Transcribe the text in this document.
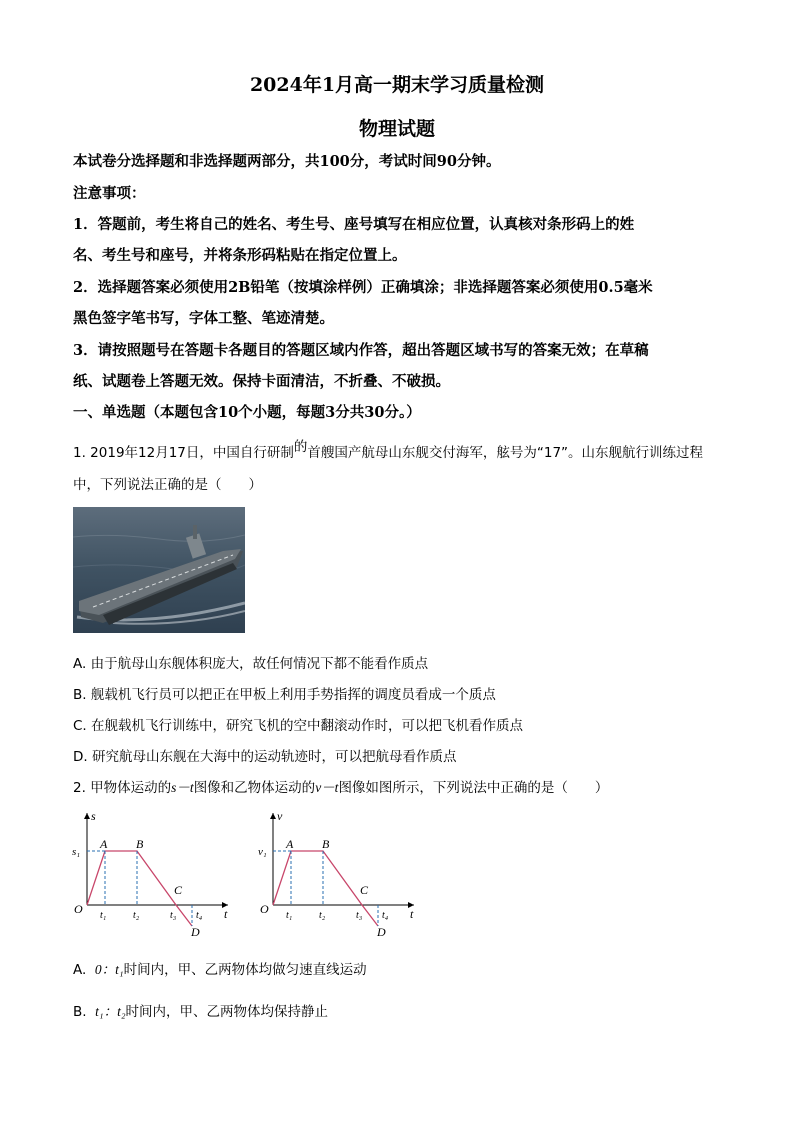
2024年1月高一期末学习质量检测
物理试题
本试卷分选择题和非选择题两部分，共100分，考试时间90分钟。
注意事项：
1．答题前，考生将自己的姓名、考生号、座号填写在相应位置，认真核对条形码上的姓
名、考生号和座号，并将条形码粘贴在指定位置上。
2．选择题答案必须使用2B铅笔（按填涂样例）正确填涂；非选择题答案必须使用0.5毫米
黑色签字笔书写，字体工整、笔迹清楚。
3．请按照题号在答题卡各题目的答题区域内作答，超出答题区域书写的答案无效；在草稿
纸、试题卷上答题无效。保持卡面清洁，不折叠、不破损。
一、单选题（本题包含10个小题，每题3分共30分。）
1. 2019年12月17日，中国自行研制的首艘国产航母山东舰交付海军，舷号为“17”。山东舰航行训练过程
中，下列说法正确的是（　　）
A. 由于航母山东舰体积庞大，故任何情况下都不能看作质点
B. 舰载机飞行员可以把正在甲板上利用手势指挥的调度员看成一个质点
C. 在舰载机飞行训练中，研究飞机的空中翻滚动作时，可以把飞机看作质点
D. 研究航母山东舰在大海中的运动轨迹时，可以把航母看作质点
2. 甲物体运动的s－t图像和乙物体运动的v－t图像如图所示，下列说法中正确的是（　　）
s
s₁
O	t
A B
C
D
t₁	t₂	t₃ t₄
v
v₁
O	t
A B
C
D
t₁	t₂	t₃ t₄
A. 0：t₁时间内，甲、乙两物体均做匀速直线运动
B. t₁：t₂时间内，甲、乙两物体均保持静止
